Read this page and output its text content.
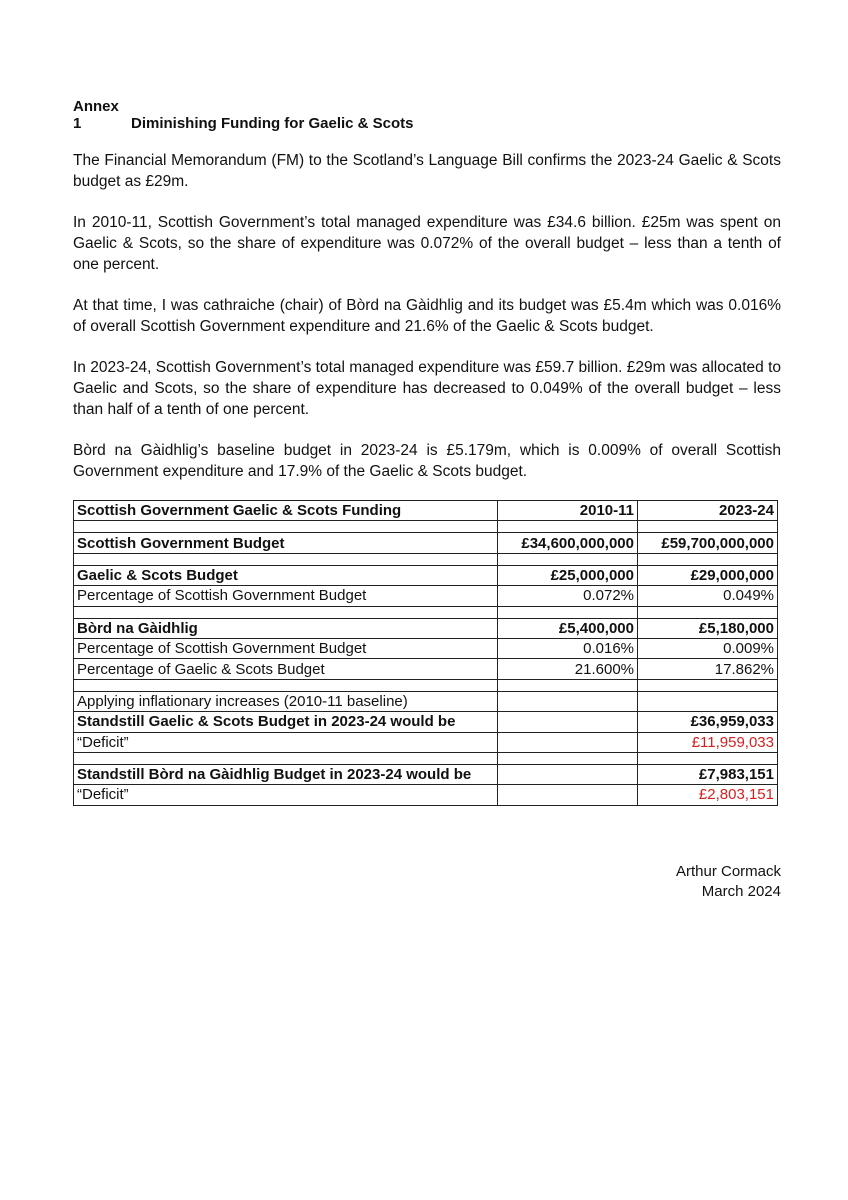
Annex 1	Diminishing Funding for Gaelic & Scots

The Financial Memorandum (FM) to the Scotland’s Language Bill confirms the 2023-24 Gaelic & Scots budget as £29m.

In 2010-11, Scottish Government’s total managed expenditure was £34.6 billion. £25m was spent on Gaelic & Scots, so the share of expenditure was 0.072% of the overall budget – less than a tenth of one percent.

At that time, I was cathraiche (chair) of Bòrd na Gàidhlig and its budget was £5.4m which was 0.016% of overall Scottish Government expenditure and 21.6% of the Gaelic & Scots budget.

In 2023-24, Scottish Government’s total managed expenditure was £59.7 billion. £29m was allocated to Gaelic and Scots, so the share of expenditure has decreased to 0.049% of the overall budget – less than half of a tenth of one percent.

Bòrd na Gàidhlig’s baseline budget in 2023-24 is £5.179m, which is 0.009% of overall Scottish Government expenditure and 17.9% of the Gaelic & Scots budget.

Scottish Government Gaelic & Scots Funding	2010-11	2023-24

Scottish Government Budget	£34,600,000,000	£59,700,000,000

Gaelic & Scots Budget	£25,000,000	£29,000,000
Percentage of Scottish Government Budget	0.072%	0.049%

Bòrd na Gàidhlig	£5,400,000	£5,180,000
Percentage of Scottish Government Budget	0.016%	0.009%
Percentage of Gaelic & Scots Budget	21.600%	17.862%

Applying inflationary increases (2010-11 baseline)		
Standstill Gaelic & Scots Budget in 2023-24 would be		£36,959,033
“Deficit”		£11,959,033

Standstill Bòrd na Gàidhlig Budget in 2023-24 would be		£7,983,151
“Deficit”		£2,803,151
Arthur Cormack
March 2024
